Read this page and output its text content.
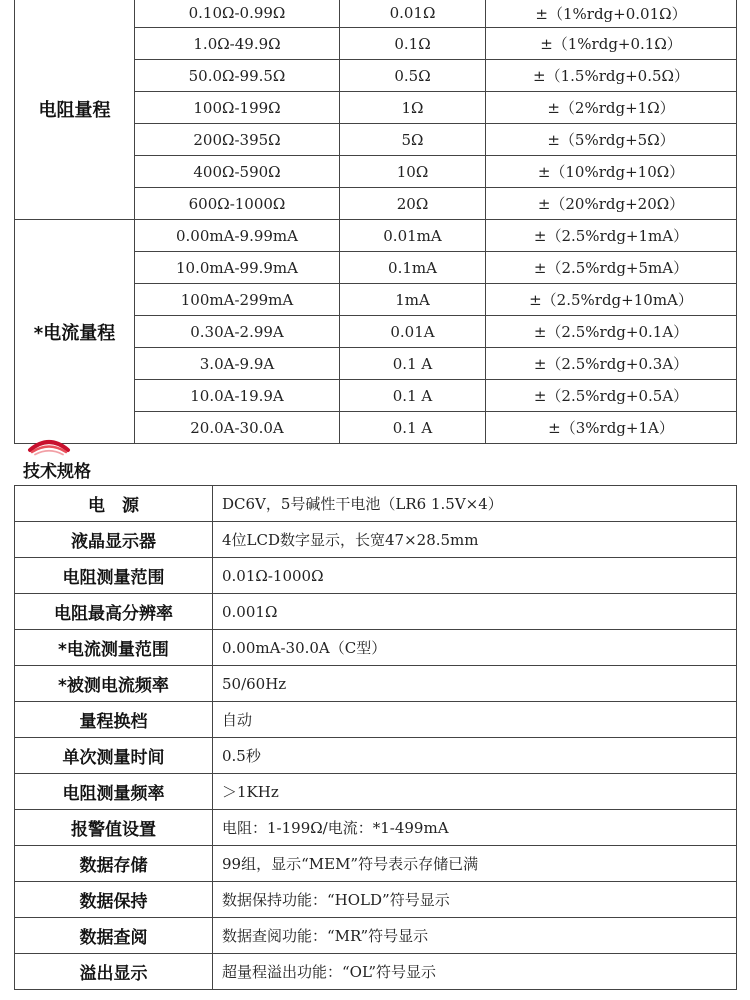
电阻量程	0.10Ω-0.99Ω	0.01Ω	±（1%rdg+0.01Ω）
	1.0Ω-49.9Ω	0.1Ω	±（1%rdg+0.1Ω）
	50.0Ω-99.5Ω	0.5Ω	±（1.5%rdg+0.5Ω）
	100Ω-199Ω	1Ω	±（2%rdg+1Ω）
	200Ω-395Ω	5Ω	±（5%rdg+5Ω）
	400Ω-590Ω	10Ω	±（10%rdg+10Ω）
	600Ω-1000Ω	20Ω	±（20%rdg+20Ω）
*电流量程	0.00mA-9.99mA	0.01mA	±（2.5%rdg+1mA）
	10.0mA-99.9mA	0.1mA	±（2.5%rdg+5mA）
	100mA-299mA	1mA	±（2.5%rdg+10mA）
	0.30A-2.99A	0.01A	±（2.5%rdg+0.1A）
	3.0A-9.9A	0.1 A	±（2.5%rdg+0.3A）
	10.0A-19.9A	0.1 A	±（2.5%rdg+0.5A）
	20.0A-30.0A	0.1 A	±（3%rdg+1A）
技术规格
电　源	DC6V，5号碱性干电池（LR6 1.5V×4）
液晶显示器	4位LCD数字显示，长宽47×28.5mm
电阻测量范围	0.01Ω-1000Ω
电阻最高分辨率	0.001Ω
*电流测量范围	0.00mA-30.0A（C型）
*被测电流频率	50/60Hz
量程换档	自动
单次测量时间	0.5秒
电阻测量频率	＞1KHz
报警值设置	电阻：1-199Ω/电流：*1-499mA
数据存储	99组，显示“MEM”符号表示存储已满
数据保持	数据保持功能：“HOLD”符号显示
数据查阅	数据查阅功能：“MR”符号显示
溢出显示	超量程溢出功能：“OL”符号显示
